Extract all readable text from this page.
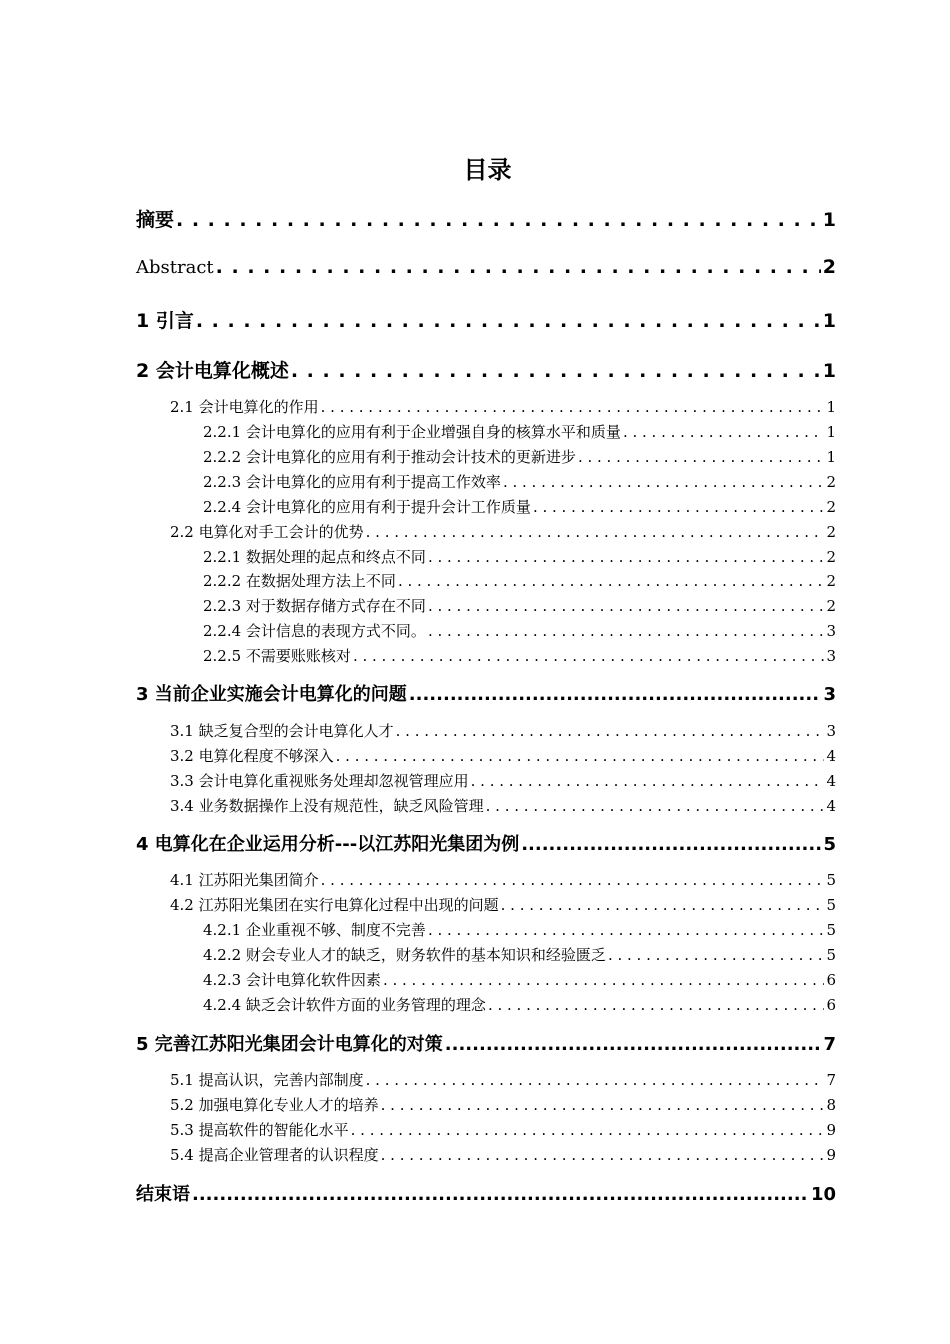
目录
摘要 . . .	1
Abstract . . .	2
1 引言 . . .	1
2 会计电算化概述 . . .	1
2.1 会计电算化的作用 . . .	1
2.2.1 会计电算化的应用有利于企业增强自身的核算水平和质量 . . .	1
2.2.2 会计电算化的应用有利于推动会计技术的更新进步 . . .	1
2.2.3 会计电算化的应用有利于提高工作效率 . . .	2
2.2.4 会计电算化的应用有利于提升会计工作质量 . . .	2
2.2 电算化对手工会计的优势 . . .	2
2.2.1 数据处理的起点和终点不同 . . .	2
2.2.2 在数据处理方法上不同 . . .	2
2.2.3 对于数据存储方式存在不同 . . .	2
2.2.4 会计信息的表现方式不同。 . . .	3
2.2.5 不需要账账核对 . . .	3
3 当前企业实施会计电算化的问题 .....	3
3.1 缺乏复合型的会计电算化人才 . . .	3
3.2 电算化程度不够深入 . . .	4
3.3 会计电算化重视账务处理却忽视管理应用 . . .	4
3.4 业务数据操作上没有规范性，缺乏风险管理 . . .	4
4 电算化在企业运用分析---以江苏阳光集团为例 .....	5
4.1 江苏阳光集团简介 . . .	5
4.2 江苏阳光集团在实行电算化过程中出现的问题 . . .	5
4.2.1 企业重视不够、制度不完善 . . .	5
4.2.2 财会专业人才的缺乏，财务软件的基本知识和经验匮乏 . . .	5
4.2.3 会计电算化软件因素 . . .	6
4.2.4 缺乏会计软件方面的业务管理的理念 . . .	6
5 完善江苏阳光集团会计电算化的对策 .....	7
5.1 提高认识，完善内部制度 . . .	7
5.2 加强电算化专业人才的培养 . . .	8
5.3 提高软件的智能化水平 . . .	9
5.4 提高企业管理者的认识程度 . . .	9
结束语 .....	10
